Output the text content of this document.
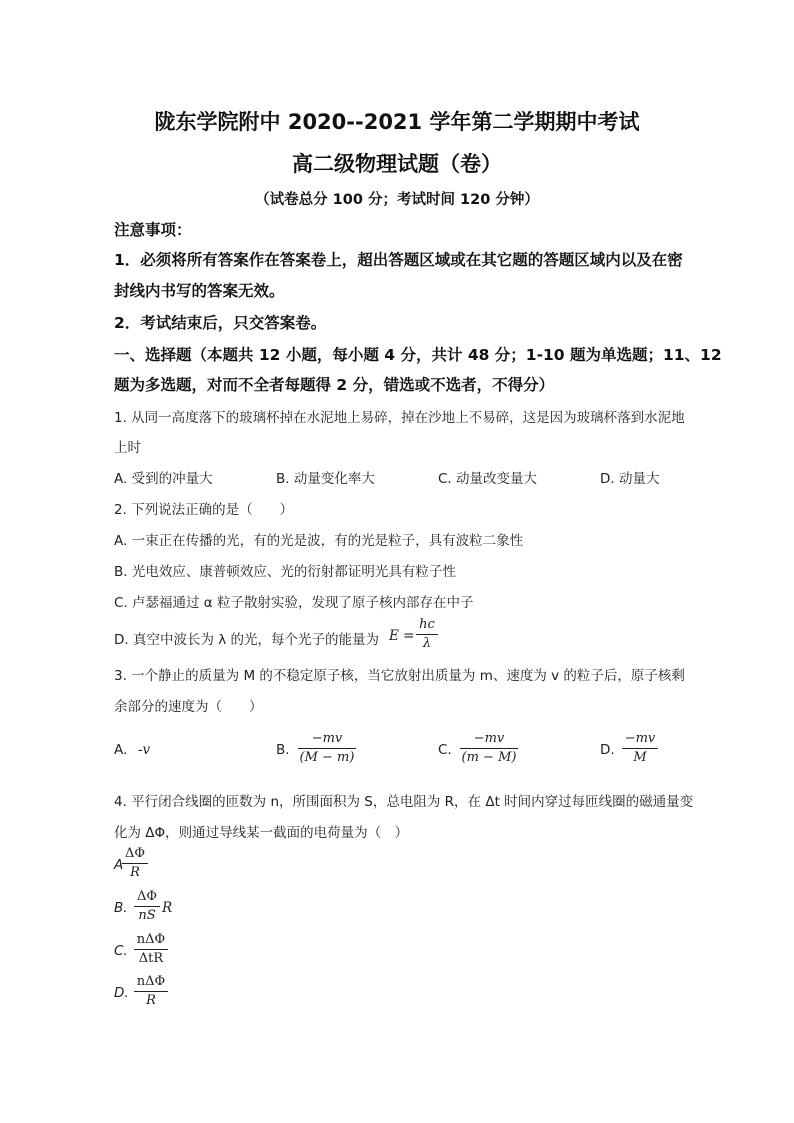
陇东学院附中 2020--2021 学年第二学期期中考试
高二级物理试题（卷）
（试卷总分 100 分；考试时间 120 分钟）
注意事项：
1．必须将所有答案作在答案卷上，超出答题区域或在其它题的答题区域内以及在密
封线内书写的答案无效。
2．考试结束后，只交答案卷。
一、选择题（本题共 12 小题，每小题 4 分，共计 48 分；1-10 题为单选题；11、12
题为多选题，对而不全者每题得 2 分，错选或不选者，不得分）
1. 从同一高度落下的玻璃杯掉在水泥地上易碎，掉在沙地上不易碎，这是因为玻璃杯落到水泥地
上时
A. 受到的冲量大	B. 动量变化率大	C. 动量改变量大	D. 动量大
2. 下列说法正确的是（　　）
A. 一束正在传播的光，有的光是波，有的光是粒子，具有波粒二象性
B. 光电效应、康普顿效应、光的衍射都证明光具有粒子性
C. 卢瑟福通过 α 粒子散射实验，发现了原子核内部存在中子
D. 真空中波长为 λ 的光，每个光子的能量为 E =
hc
λ
3. 一个静止的质量为 M 的不稳定原子核，当它放射出质量为 m、速度为 v 的粒子后，原子核剩
余部分的速度为（　　）
A. -v	B.
−mv
(M − m)	C.
−mv
(m − M)	D.
−mv
M
4. 平行闭合线圈的匝数为 n，所围面积为 S，总电阻为 R，在 Δt 时间内穿过每匝线圈的磁通量变
化为 ΔΦ，则通过导线某一截面的电荷量为（　）
A
ΔΦ
R
B.
ΔΦ
nS R
C.
nΔΦ
ΔtR
D.
nΔΦ
R
